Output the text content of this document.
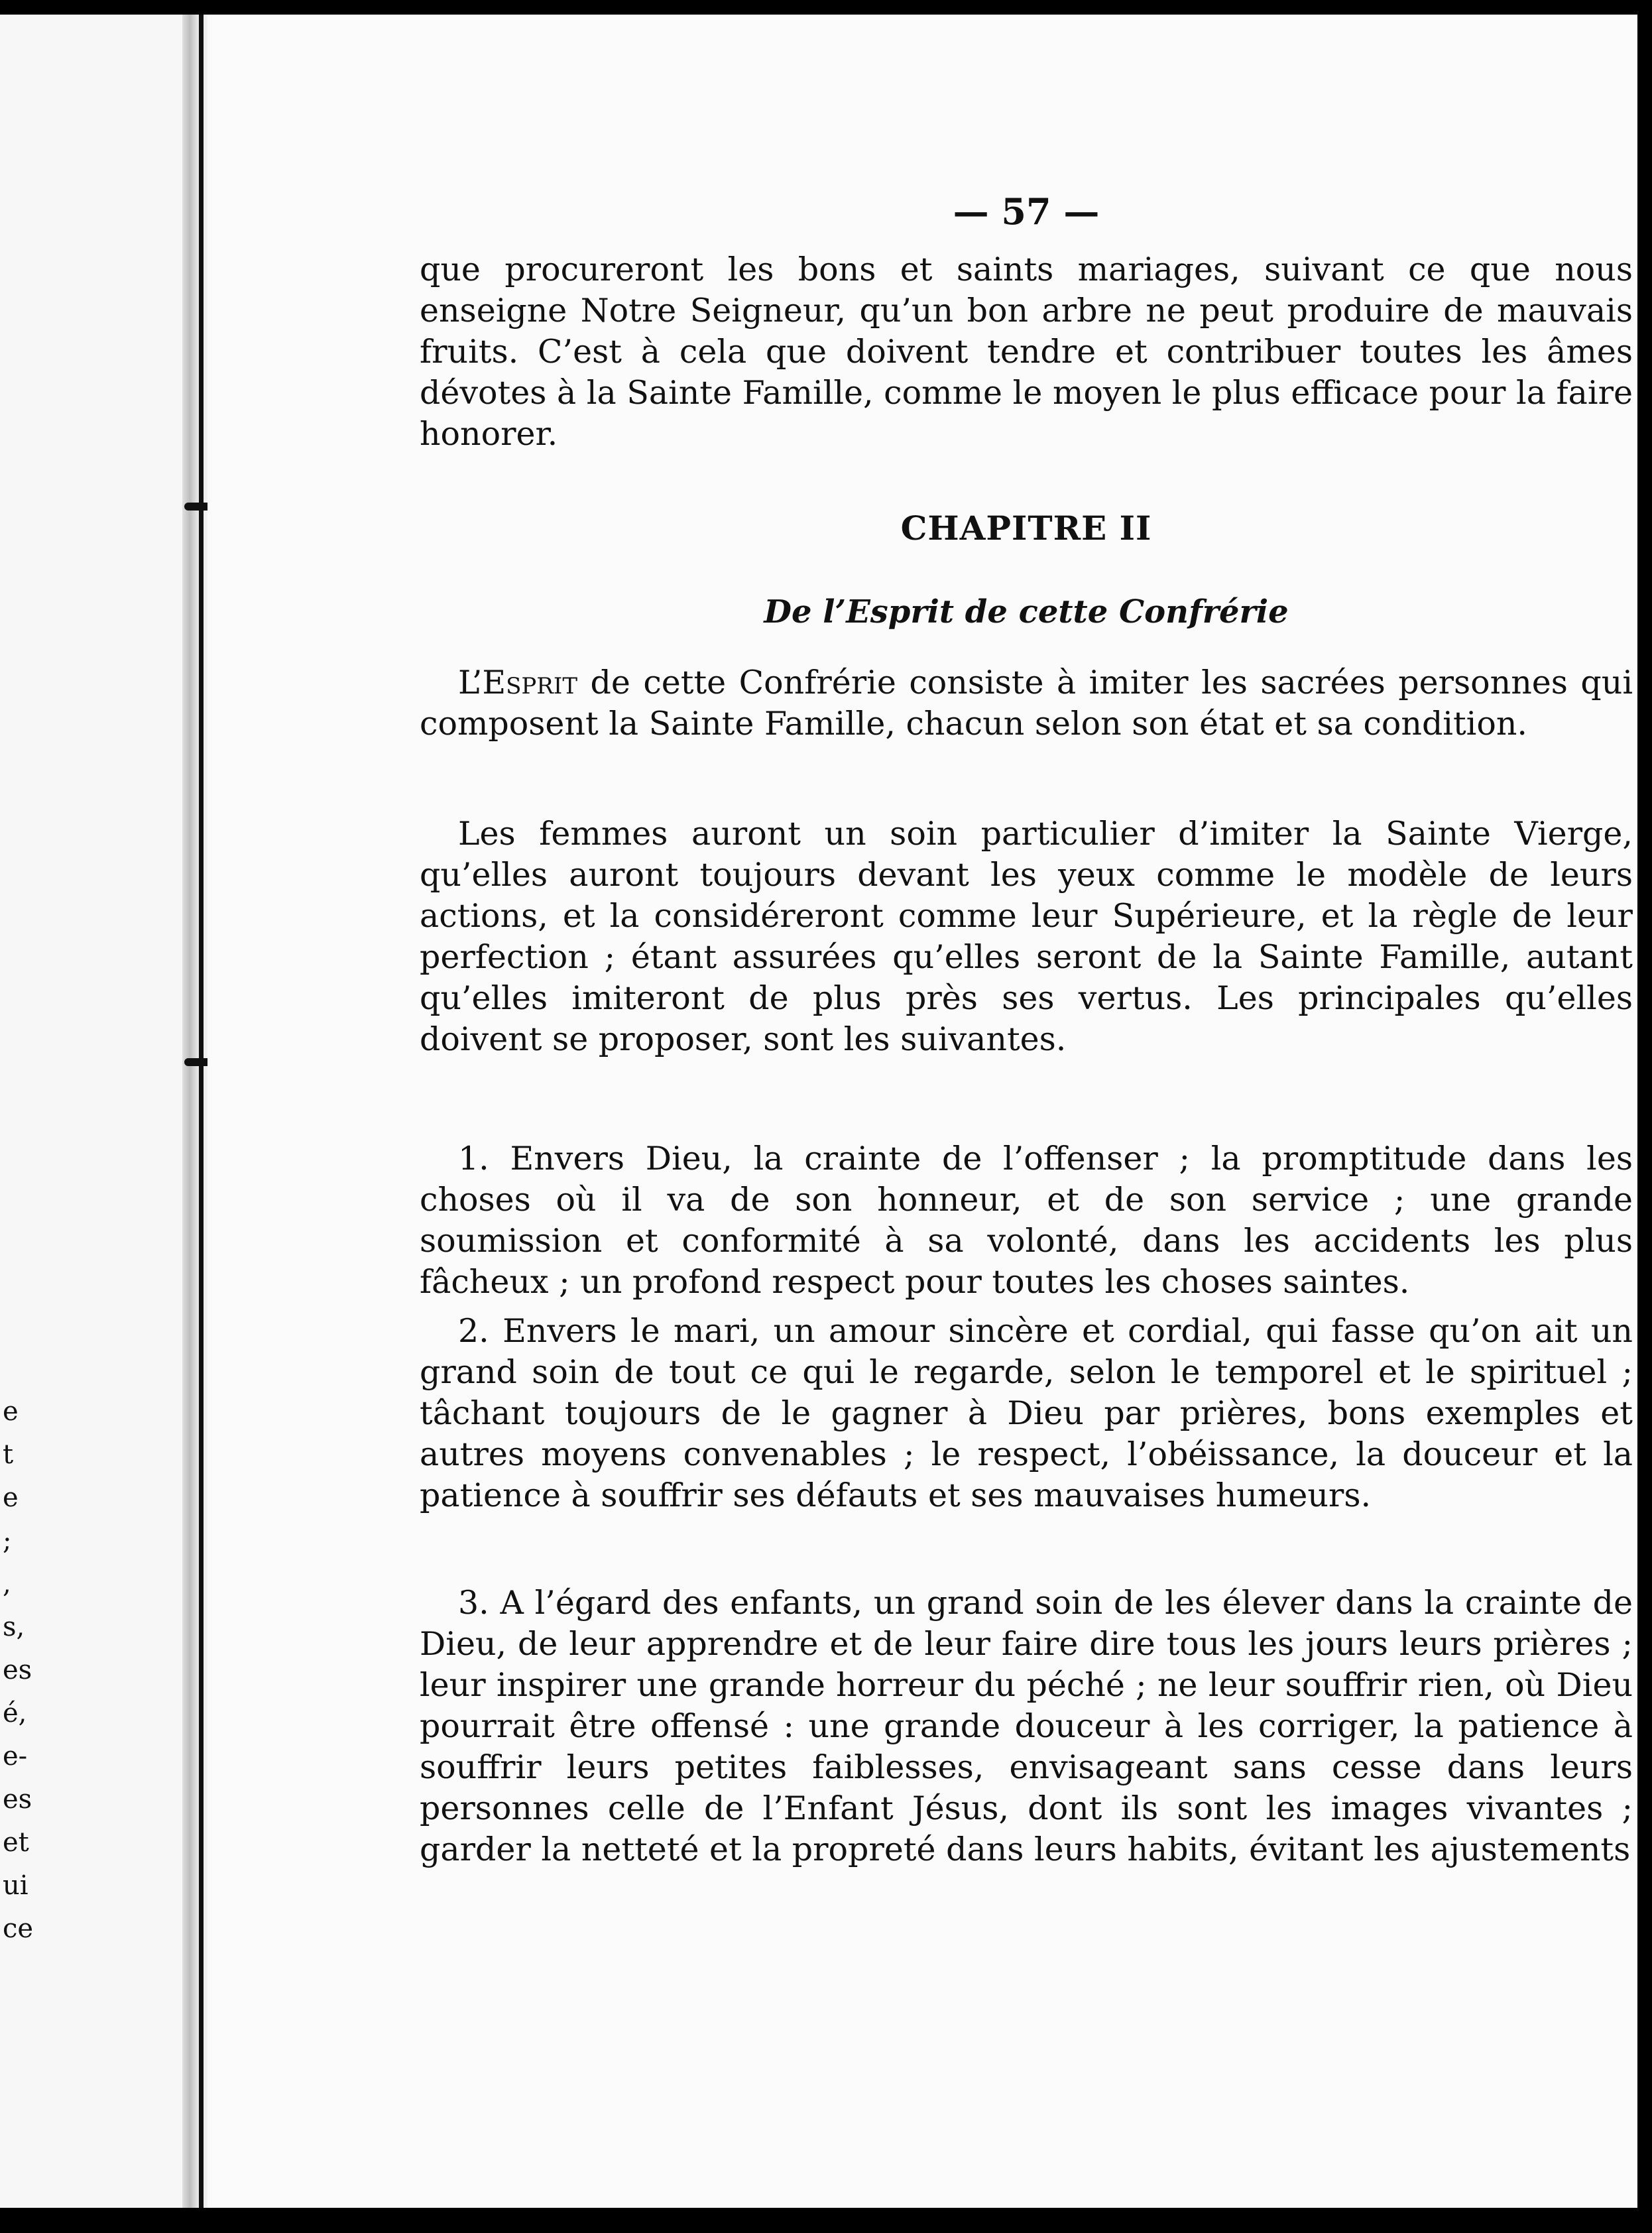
e
t
e
;
,
s,
es
é,
e-
es
et
ui
ce

— 57 —

que procureront les bons et saints mariages, suivant ce que nous enseigne Notre Seigneur, qu’un bon arbre ne peut produire de mauvais fruits. C’est à cela que doivent tendre et contribuer toutes les âmes dévotes à la Sainte Famille, comme le moyen le plus efficace pour la faire honorer.

CHAPITRE II
De l’Esprit de cette Confrérie

L’Esprit de cette Confrérie consiste à imiter les sacrées personnes qui composent la Sainte Famille, chacun selon son état et sa condition.

Les femmes auront un soin particulier d’imiter la Sainte Vierge, qu’elles auront toujours devant les yeux comme le modèle de leurs actions, et la considéreront comme leur Supérieure, et la règle de leur perfection ; étant assurées qu’elles seront de la Sainte Famille, autant qu’elles imiteront de plus près ses vertus. Les principales qu’elles doivent se proposer, sont les suivantes.

1. Envers Dieu, la crainte de l’offenser ; la promptitude dans les choses où il va de son honneur, et de son service ; une grande soumission et conformité à sa volonté, dans les accidents les plus fâcheux ; un profond respect pour toutes les choses saintes.

2. Envers le mari, un amour sincère et cordial, qui fasse qu’on ait un grand soin de tout ce qui le regarde, selon le temporel et le spirituel ; tâchant toujours de le gagner à Dieu par prières, bons exemples et autres moyens convenables ; le respect, l’obéissance, la douceur et la patience à souffrir ses défauts et ses mauvaises humeurs.

3. A l’égard des enfants, un grand soin de les élever dans la crainte de Dieu, de leur apprendre et de leur faire dire tous les jours leurs prières ; leur inspirer une grande horreur du péché ; ne leur souffrir rien, où Dieu pourrait être offensé : une grande douceur à les corriger, la patience à souffrir leurs petites faiblesses, envisageant sans cesse dans leurs personnes celle de l’Enfant Jésus, dont ils sont les images vivantes ; garder la netteté et la propreté dans leurs habits, évitant les ajustements
